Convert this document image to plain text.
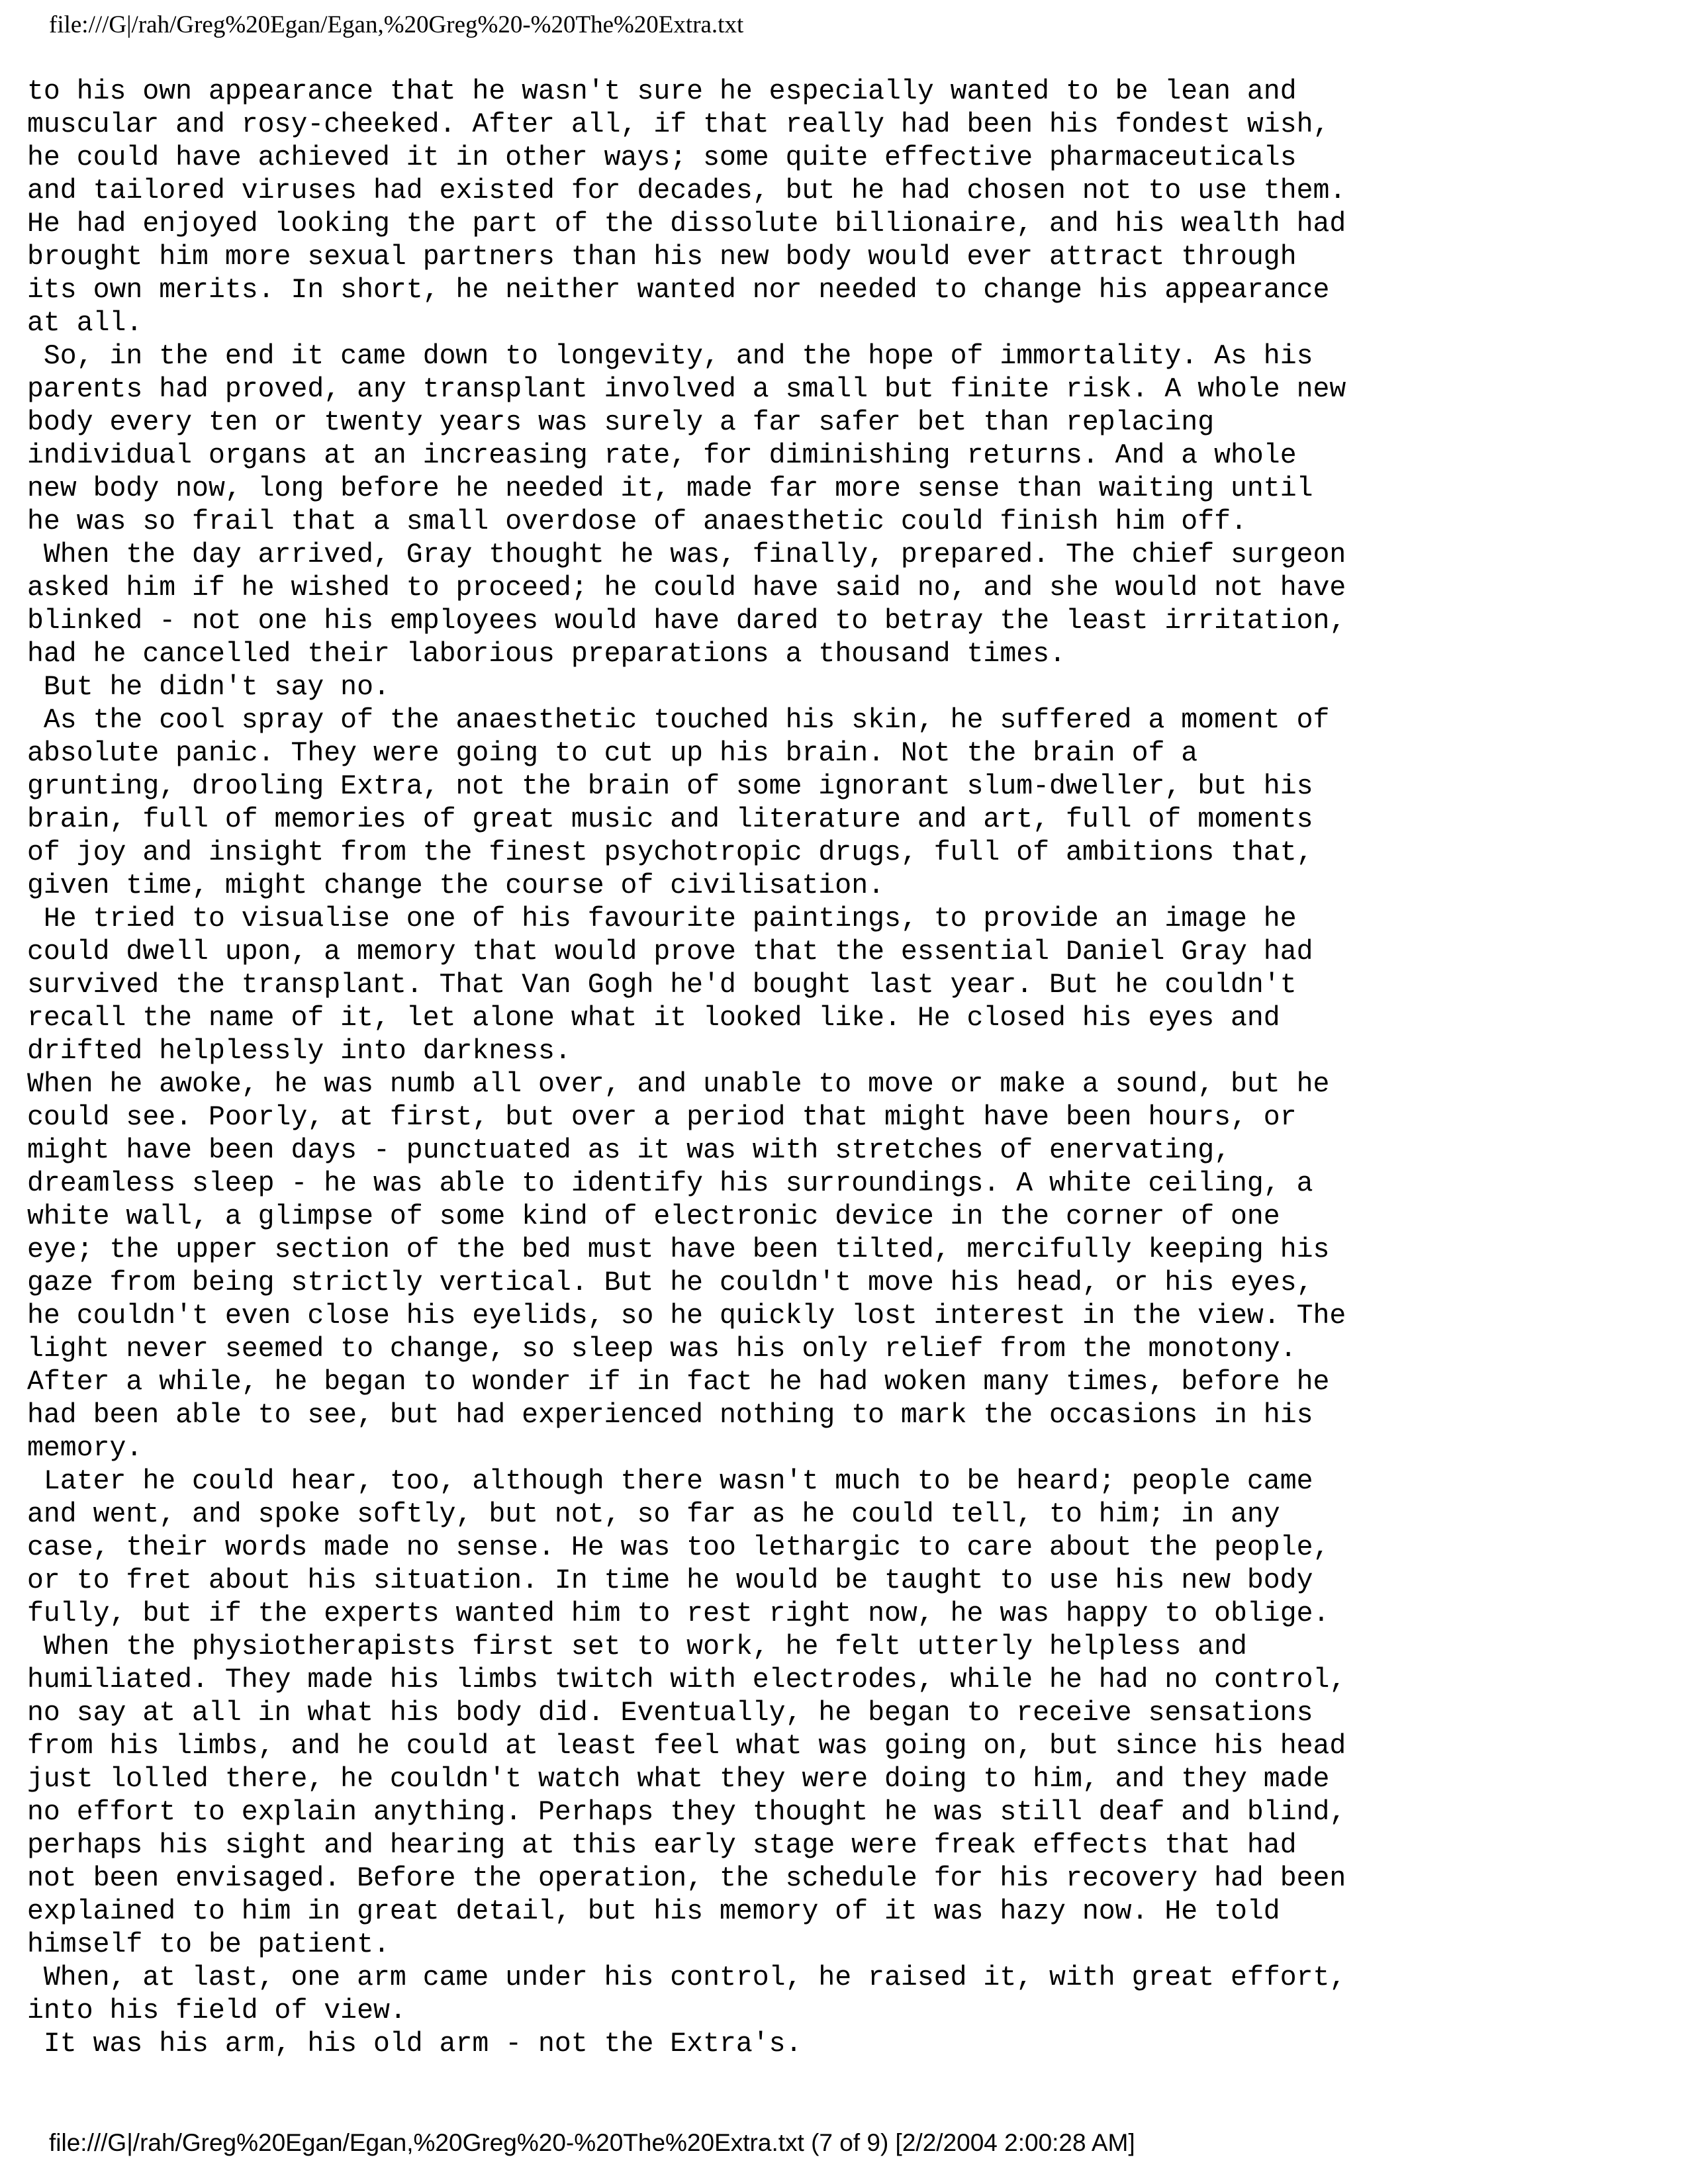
file:///G|/rah/Greg%20Egan/Egan,%20Greg%20-%20The%20Extra.txt
to his own appearance that he wasn't sure he especially wanted to be lean and
muscular and rosy-cheeked. After all, if that really had been his fondest wish,
he could have achieved it in other ways; some quite effective pharmaceuticals
and tailored viruses had existed for decades, but he had chosen not to use them.
He had enjoyed looking the part of the dissolute billionaire, and his wealth had
brought him more sexual partners than his new body would ever attract through
its own merits. In short, he neither wanted nor needed to change his appearance
at all.
So, in the end it came down to longevity, and the hope of immortality. As his
parents had proved, any transplant involved a small but finite risk. A whole new
body every ten or twenty years was surely a far safer bet than replacing
individual organs at an increasing rate, for diminishing returns. And a whole
new body now, long before he needed it, made far more sense than waiting until
he was so frail that a small overdose of anaesthetic could finish him off.
When the day arrived, Gray thought he was, finally, prepared. The chief surgeon
asked him if he wished to proceed; he could have said no, and she would not have
blinked - not one his employees would have dared to betray the least irritation,
had he cancelled their laborious preparations a thousand times.
But he didn't say no.
As the cool spray of the anaesthetic touched his skin, he suffered a moment of
absolute panic. They were going to cut up his brain. Not the brain of a
grunting, drooling Extra, not the brain of some ignorant slum-dweller, but his
brain, full of memories of great music and literature and art, full of moments
of joy and insight from the finest psychotropic drugs, full of ambitions that,
given time, might change the course of civilisation.
He tried to visualise one of his favourite paintings, to provide an image he
could dwell upon, a memory that would prove that the essential Daniel Gray had
survived the transplant. That Van Gogh he'd bought last year. But he couldn't
recall the name of it, let alone what it looked like. He closed his eyes and
drifted helplessly into darkness.
When he awoke, he was numb all over, and unable to move or make a sound, but he
could see. Poorly, at first, but over a period that might have been hours, or
might have been days - punctuated as it was with stretches of enervating,
dreamless sleep - he was able to identify his surroundings. A white ceiling, a
white wall, a glimpse of some kind of electronic device in the corner of one
eye; the upper section of the bed must have been tilted, mercifully keeping his
gaze from being strictly vertical. But he couldn't move his head, or his eyes,
he couldn't even close his eyelids, so he quickly lost interest in the view. The
light never seemed to change, so sleep was his only relief from the monotony.
After a while, he began to wonder if in fact he had woken many times, before he
had been able to see, but had experienced nothing to mark the occasions in his
memory.
Later he could hear, too, although there wasn't much to be heard; people came
and went, and spoke softly, but not, so far as he could tell, to him; in any
case, their words made no sense. He was too lethargic to care about the people,
or to fret about his situation. In time he would be taught to use his new body
fully, but if the experts wanted him to rest right now, he was happy to oblige.
When the physiotherapists first set to work, he felt utterly helpless and
humiliated. They made his limbs twitch with electrodes, while he had no control,
no say at all in what his body did. Eventually, he began to receive sensations
from his limbs, and he could at least feel what was going on, but since his head
just lolled there, he couldn't watch what they were doing to him, and they made
no effort to explain anything. Perhaps they thought he was still deaf and blind,
perhaps his sight and hearing at this early stage were freak effects that had
not been envisaged. Before the operation, the schedule for his recovery had been
explained to him in great detail, but his memory of it was hazy now. He told
himself to be patient.
When, at last, one arm came under his control, he raised it, with great effort,
into his field of view.
It was his arm, his old arm - not the Extra's.
file:///G|/rah/Greg%20Egan/Egan,%20Greg%20-%20The%20Extra.txt (7 of 9) [2/2/2004 2:00:28 AM]
